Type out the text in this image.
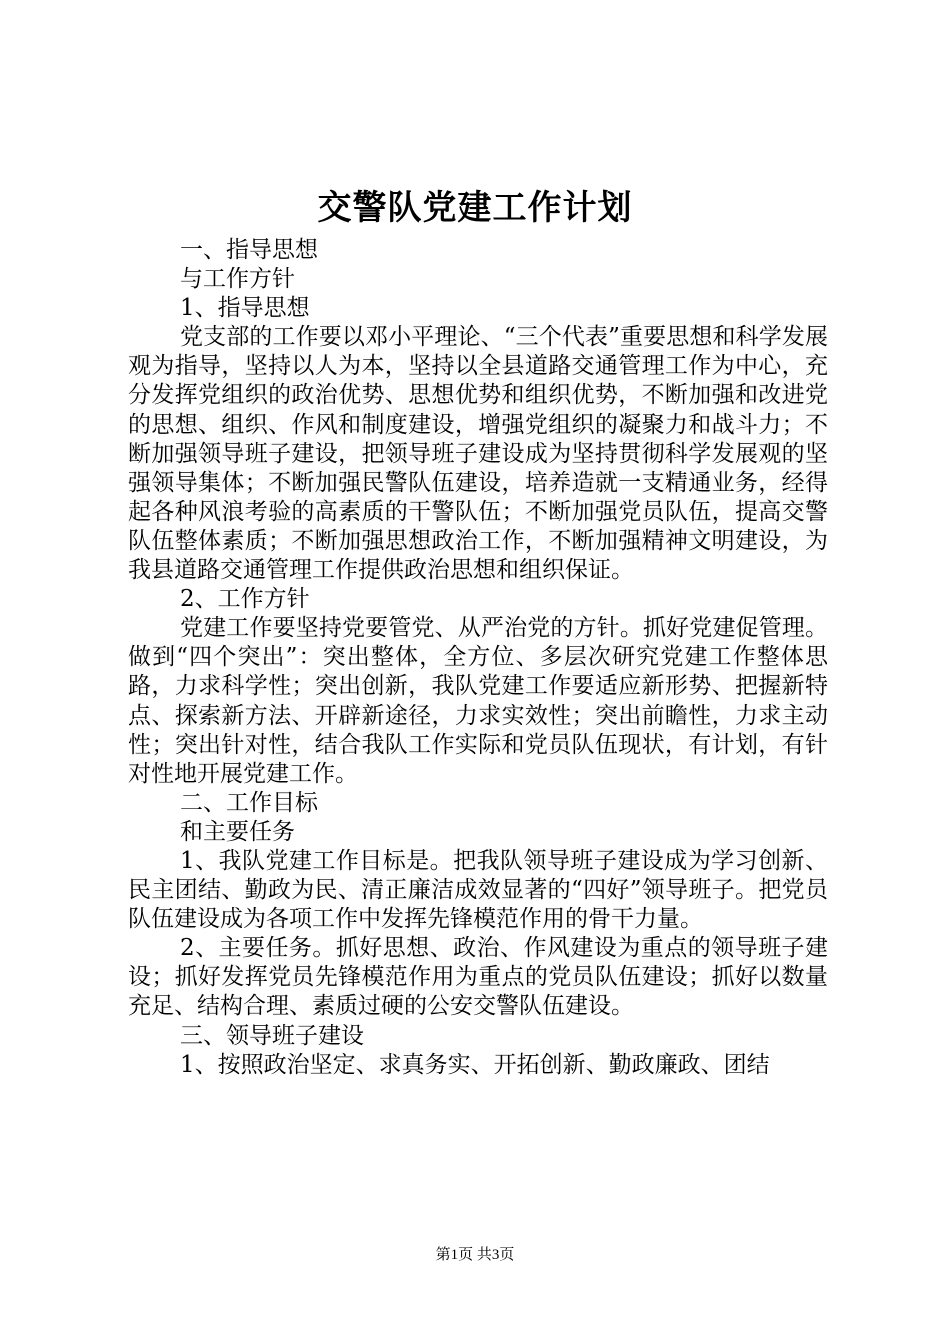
交警队党建工作计划

一、指导思想

与工作方针

1、指导思想

党支部的工作要以邓小平理论、“三个代表”重要思想和科学发展观为指导，坚持以人为本，坚持以全县道路交通管理工作为中心，充分发挥党组织的政治优势、思想优势和组织优势，不断加强和改进党的思想、组织、作风和制度建设，增强党组织的凝聚力和战斗力；不断加强领导班子建设，把领导班子建设成为坚持贯彻科学发展观的坚强领导集体；不断加强民警队伍建设，培养造就一支精通业务，经得起各种风浪考验的高素质的干警队伍；不断加强党员队伍，提高交警队伍整体素质；不断加强思想政治工作，不断加强精神文明建设，为我县道路交通管理工作提供政治思想和组织保证。

2、工作方针

党建工作要坚持党要管党、从严治党的方针。抓好党建促管理。做到“四个突出”：突出整体，全方位、多层次研究党建工作整体思路，力求科学性；突出创新，我队党建工作要适应新形势、把握新特点、探索新方法、开辟新途径，力求实效性；突出前瞻性，力求主动性；突出针对性，结合我队工作实际和党员队伍现状，有计划，有针对性地开展党建工作。

二、工作目标

和主要任务

1、我队党建工作目标是。把我队领导班子建设成为学习创新、民主团结、勤政为民、清正廉洁成效显著的“四好”领导班子。把党员队伍建设成为各项工作中发挥先锋模范作用的骨干力量。

2、主要任务。抓好思想、政治、作风建设为重点的领导班子建设；抓好发挥党员先锋模范作用为重点的党员队伍建设；抓好以数量充足、结构合理、素质过硬的公安交警队伍建设。

三、领导班子建设

1、按照政治坚定、求真务实、开拓创新、勤政廉政、团结

第1页 共3页
